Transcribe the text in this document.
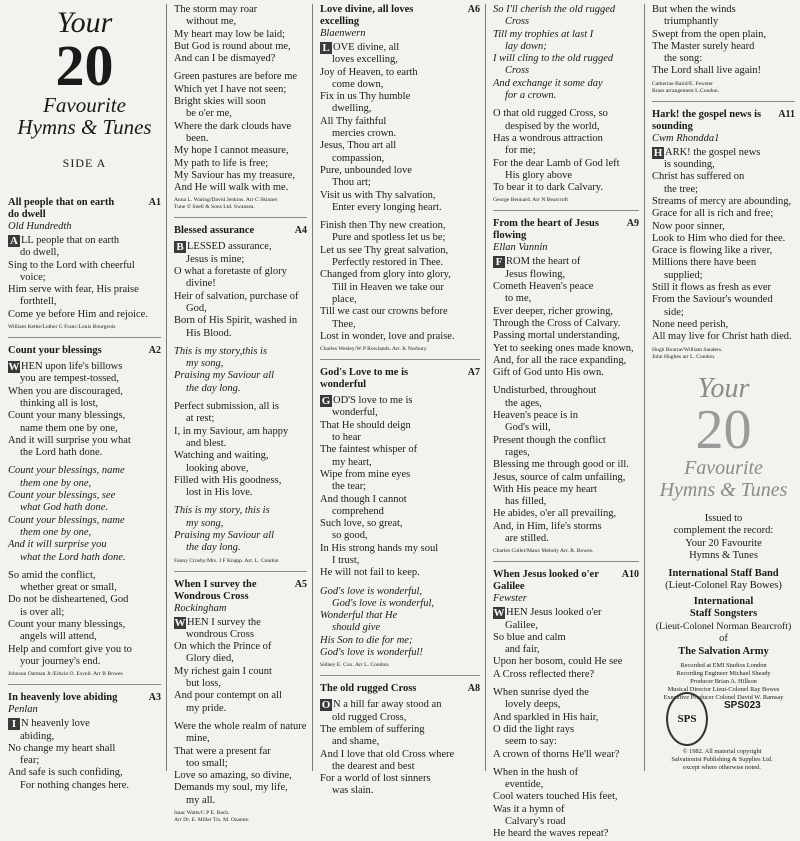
Your
20
Favourite
Hymns & Tunes
SIDE A
All people that on earth do dwell
A1
Old Hundredth
A LL people that on earth
do dwell,
Sing to the Lord with cheerful
voice;
Him serve with fear, His praise
forthtell,
Come ye before Him and rejoice.
William Kethe/Luther G Franc/Louis Bourgeois
Count your blessings	A2
W HEN upon life's billows
you are tempest-tossed,
When you are discouraged,
thinking all is lost,
Count your many blessings,
name them one by one,
And it will surprise you what
the Lord hath done.
Count your blessings, name
them one by one,
Count your blessings, see
what God hath done.
Count your blessings, name
them one by one,
And it will surprise you
what the Lord hath done.
So amid the conflict,
whether great or small,
Do not be disheartened, God
is over all;
Count your many blessings,
angels will attend,
Help and comfort give you to
your journey's end.
Johnson Oatman Jr./Edwin O. Excell. Arr R Bowes
In heavenly love abiding	A3
Penlan
I N heavenly love
abiding,
No change my heart shall
fear;
And safe is such confiding,
For nothing changes here.
The storm may roar
without me,
My heart may low be laid;
But God is round about me,
And can I be dismayed?
Green pastures are before me
Which yet I have not seen;
Bright skies will soon
be o'er me,
Where the dark clouds have
been.
My hope I cannot measure,
My path to life is free;
My Saviour has my treasure,
And He will walk with me.
Anna L. Waring/David Jenkins. Arr C Skinner
Tune © Snell & Sons Ltd. Swansea.
Blessed assurance	A4
B LESSED assurance,
Jesus is mine;
O what a foretaste of glory
divine!
Heir of salvation, purchase of
God,
Born of His Spirit, washed in
His Blood.
This is my story,this is
my song,
Praising my Saviour all
the day long.
Perfect submission, all is
at rest;
I, in my Saviour, am happy
and blest.
Watching and waiting,
looking above,
Filled with His goodness,
lost in His love.
This is my story, this is
my song,
Praising my Saviour all
the day long.
Fanny Crosby/Mrs. J F Knapp. Arr. L. Condon
When I survey the Wondrous Cross
A5
Rockingham
W HEN I survey the
wondrous Cross
On which the Prince of
Glory died,
My richest gain I count
but loss,
And pour contempt on all
my pride.
Were the whole realm of nature
mine,
That were a present far
too small;
Love so amazing, so divine,
Demands my soul, my life,
my all.
Isaac Watts/C P E. Bach.
Arr Dr. E. Miller Trs. M. Ozanne.
Love divine, all loves excelling
A6
Blaenwern
L OVE divine, all
loves excelling,
Joy of Heaven, to earth
come down,
Fix in us Thy humble
dwelling,
All Thy faithful
mercies crown.
Jesus, Thou art all
compassion,
Pure, unbounded love
Thou art;
Visit us with Thy salvation,
Enter every longing heart.
Finish then Thy new creation,
Pure and spotless let us be;
Let us see Thy great salvation,
Perfectly restored in Thee.
Changed from glory into glory,
Till in Heaven we take our
place,
Till we cast our crowns before
Thee,
Lost in wonder, love and praise.
Charles Wesley/W P Rowlands. Arr. K Norbury
God's Love to me is wonderful
A7
G OD'S love to me is
wonderful,
That He should deign
to hear
The faintest whisper of
my heart,
Wipe from mine eyes
the tear;
And though I cannot
comprehend
Such love, so great,
so good,
In His strong hands my soul
I trust,
He will not fail to keep.
God's love is wonderful,
God's love is wonderful,
Wonderful that He
should give
His Son to die for me;
God's love is wonderful!
Sidney E. Cox. Arr L. Condon.
The old rugged Cross	A8
O N a hill far away stood an
old rugged Cross,
The emblem of suffering
and shame,
And I love that old Cross where
the dearest and best
For a world of lost sinners
was slain.
So I'll cherish the old rugged
Cross
Till my trophies at last I
lay down;
I will cling to the old rugged
Cross
And exchange it some day
for a crown.
O that old rugged Cross, so
despised by the world,
Has a wondrous attraction
for me;
For the dear Lamb of God left
His glory above
To bear it to dark Calvary.
George Bennard. Arr N Bearcroft
From the heart of Jesus flowing
A9
Ellan Vannin
F ROM the heart of
Jesus flowing,
Cometh Heaven's peace
to me,
Ever deeper, richer growing,
Through the Cross of Calvary.
Passing mortal understanding,
Yet to seeking ones made known,
And, for all the race expanding,
Gift of God unto His own.
Undisturbed, throughout
the ages,
Heaven's peace is in
God's will,
Present though the conflict
rages,
Blessing me through good or ill.
Jesus, source of calm unfailing,
With His peace my heart
has filled,
He abides, o'er all prevailing,
And, in Him, life's storms
are stilled.
Charles Coller/Manx Melody Arr. R. Bowes.
When Jesus looked o'er Galilee
A10
Fewster
W HEN Jesus looked o'er
Galilee,
So blue and calm
and fair,
Upon her bosom, could He see
A Cross reflected there?
When sunrise dyed the
lovely deeps,
And sparkled in His hair,
O did the light rays
seem to say:
A crown of thorns He'll wear?
When in the hush of
eventide,
Cool waters touched His feet,
Was it a hymn of
Calvary's road
He heard the waves repeat?
But when the winds
triumphantly
Swept from the open plain,
The Master surely heard
the song:
The Lord shall live again!
Catherine Baird/E. Fewster
Brass arrangement L.Condon.
Hark! the gospel news is sounding
A11
Cwm Rhondda1
H ARK! the gospel news
is sounding,
Christ has suffered on
the tree;
Streams of mercy are abounding,
Grace for all is rich and free;
Now poor sinner,
Look to Him who died for thee.
Grace is flowing like a river,
Millions there have been
supplied;
Still it flows as fresh as ever
From the Saviour's wounded
side;
None need perish,
All may live for Christ hath died.
Hugh Bourne/William Sanders.
John Hughes arr L. Condon.
Your
20
Favourite
Hymns & Tunes
Issued to
complement the record:
Your 20 Favourite
Hymns & Tunes
International Staff Band
(Lieut-Colonel Ray Bowes)
International
Staff Songsters
(Lieut-Colonel Norman Bearcroft)
of
The Salvation Army
Recorded at EMI Studios London
Recording Engineer Michael Sheady
Producer Brian A. Hillson
Musical Director Lieut-Colonel Ray Bowes
Executive Producer Colonel David W. Ramsay
SPS
SPS023
© 1982. All material copyright
Salvationist Publishing & Supplies Ltd.
except where otherwise noted.
